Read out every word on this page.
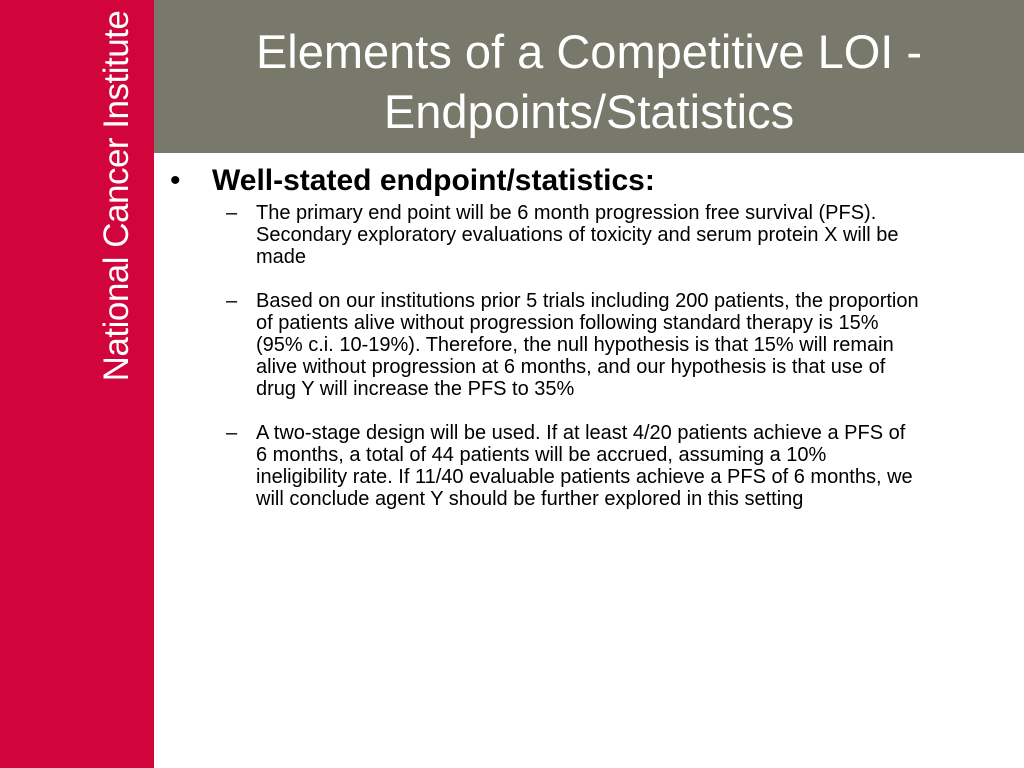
National Cancer Institute	Elements of a Competitive LOI -
Endpoints/Statistics
• Well-stated endpoint/statistics:
– The primary end point will be 6 month progression free survival (PFS).
Secondary exploratory evaluations of toxicity and serum protein X will be
made
– Based on our institutions prior 5 trials including 200 patients, the proportion
of patients alive without progression following standard therapy is 15%
(95% c.i. 10-19%). Therefore, the null hypothesis is that 15% will remain
alive without progression at 6 months, and our hypothesis is that use of
drug Y will increase the PFS to 35%
– A two-stage design will be used. If at least 4/20 patients achieve a PFS of
6 months, a total of 44 patients will be accrued, assuming a 10%
ineligibility rate. If 11/40 evaluable patients achieve a PFS of 6 months, we
will conclude agent Y should be further explored in this setting
